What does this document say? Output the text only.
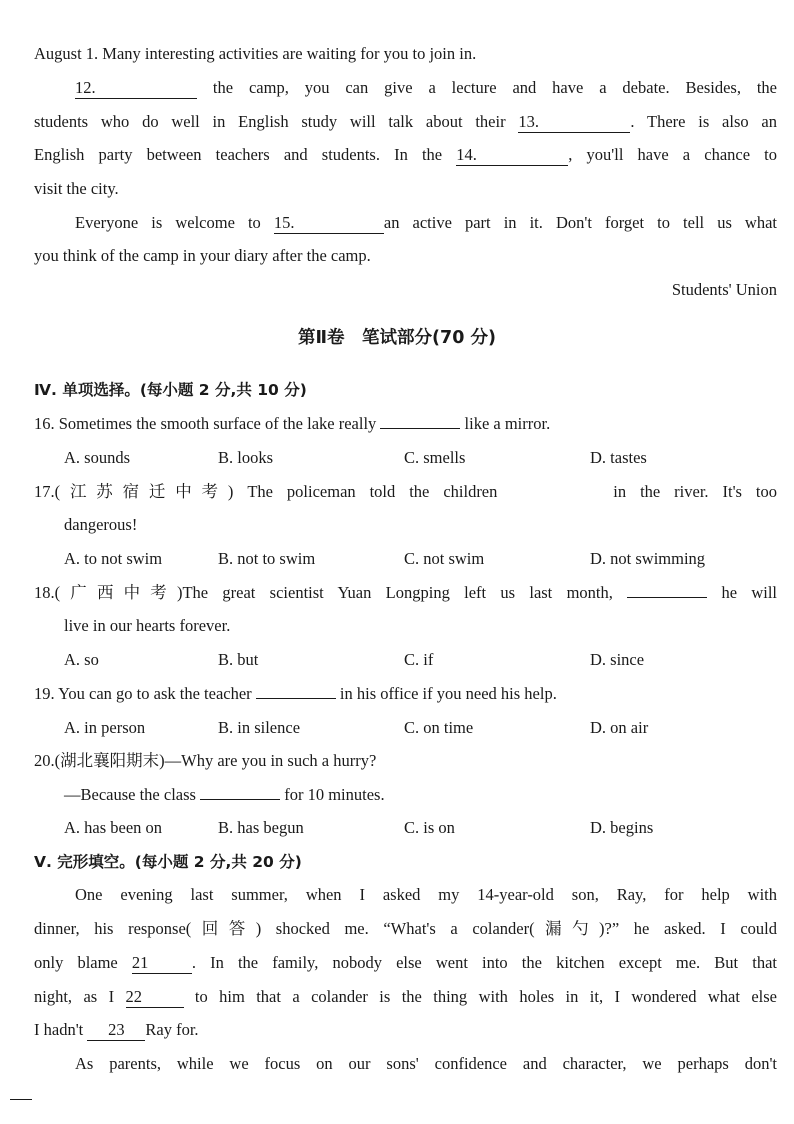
August 1. Many interesting activities are waiting for you to join in.
12.	the camp, you can give a lecture and have a debate. Besides, the
students who do well in English study will talk about their 13.	. There is also an
English party between teachers and students. In the 14.	, you'll have a chance to
visit the city.
Everyone is welcome to 15.	an active part in it. Don't forget to tell us what
you think of the camp in your diary after the camp.
Students' Union
第Ⅱ卷　笔试部分(70 分)
Ⅳ. 单项选择。(每小题 2 分,共 10 分)
16. Sometimes the smooth surface of the lake really	like a mirror.
A. sounds	B. looks	C. smells	D. tastes
17.(江苏宿迁中考) The policeman told the children	in the river. It's too
dangerous!
A. to not swim	B. not to swim	C. not swim	D. not swimming
18.(广西中考)The great scientist Yuan Longping left us last month,	he will
live in our hearts forever.
A. so	B. but	C. if	D. since
19. You can go to ask the teacher	in his office if you need his help.
A. in person	B. in silence	C. on time	D. on air
20.(湖北襄阳期末)—Why are you in such a hurry?
—Because the class	for 10 minutes.
A. has been on	B. has begun	C. is on	D. begins
Ⅴ. 完形填空。(每小题 2 分,共 20 分)
One evening last summer, when I asked my 14-year-old son, Ray, for help with
dinner, his response(回答) shocked me. “What's a colander(漏勺)?” he asked. I could
only blame 21	. In the family, nobody else went into the kitchen except me. But that
night, as I 22	to him that a colander is the thing with holes in it, I wondered what else
I hadn't 23 Ray for.
As parents, while we focus on our sons' confidence and character, we perhaps don't
